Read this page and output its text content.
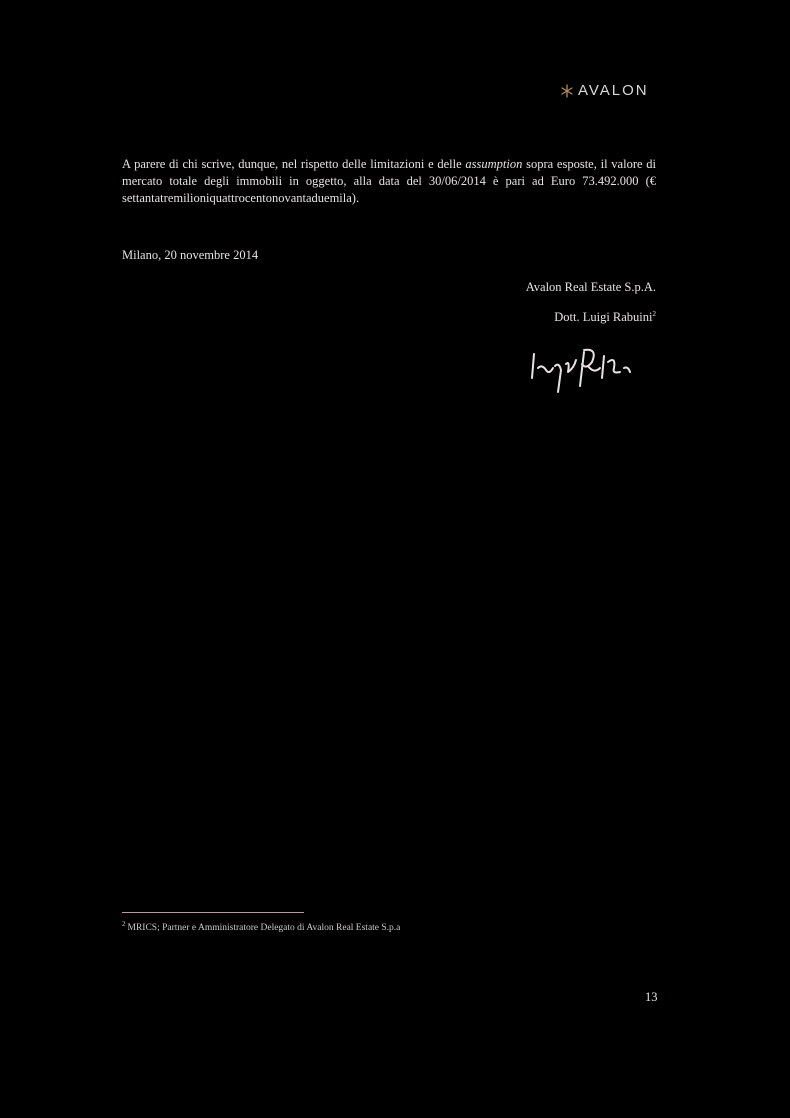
AVALON

A parere di chi scrive, dunque, nel rispetto delle limitazioni e delle assumption sopra esposte, il valore di mercato totale degli immobili in oggetto, alla data del 30/06/2014 è pari ad Euro 73.492.000 (€ settantatremilioniquattrocentonovantaduemila).

Milano, 20 novembre 2014
Avalon Real Estate S.p.A.
Dott. Luigi Rabuini$^2$
$^2$ MRICS; Partner e Amministratore Delegato di Avalon Real Estate S.p.a
13
